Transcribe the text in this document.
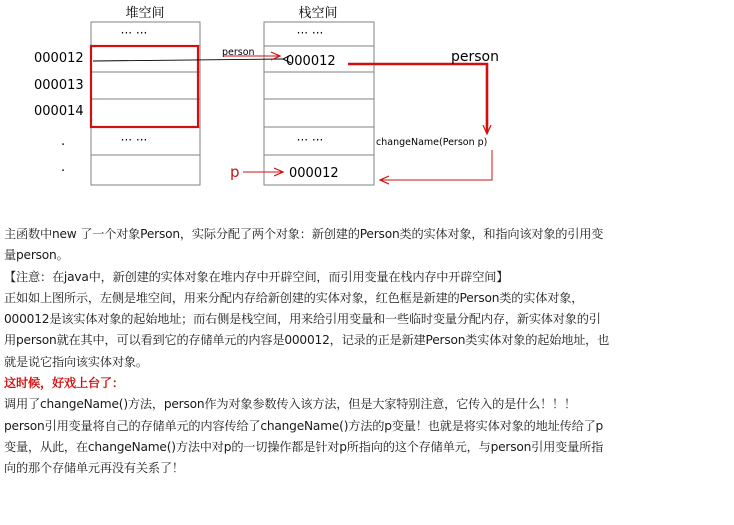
堆空间	栈空间
··· ···
··· ···
000012
000013
000014
.
.
··· ···
··· ···
000012
000012
person	person
changeName(Person p)
p

主函数中new 了一个对象Person，实际分配了两个对象：新创建的Person类的实体对象，和指向该对象的引用变

量person。

【注意：在java中，新创建的实体对象在堆内存中开辟空间，而引用变量在栈内存中开辟空间】

正如如上图所示，左侧是堆空间，用来分配内存给新创建的实体对象，红色框是新建的Person类的实体对象，

000012是该实体对象的起始地址；而右侧是栈空间，用来给引用变量和一些临时变量分配内存，新实体对象的引

用person就在其中，可以看到它的存储单元的内容是000012，记录的正是新建Person类实体对象的起始地址，也

就是说它指向该实体对象。

这时候，好戏上台了：

调用了changeName()方法，person作为对象参数传入该方法，但是大家特别注意，它传入的是什么！！！

person引用变量将自己的存储单元的内容传给了changeName()方法的p变量！也就是将实体对象的地址传给了p

变量，从此，在changeName()方法中对p的一切操作都是针对p所指向的这个存储单元，与person引用变量所指

向的那个存储单元再没有关系了！
